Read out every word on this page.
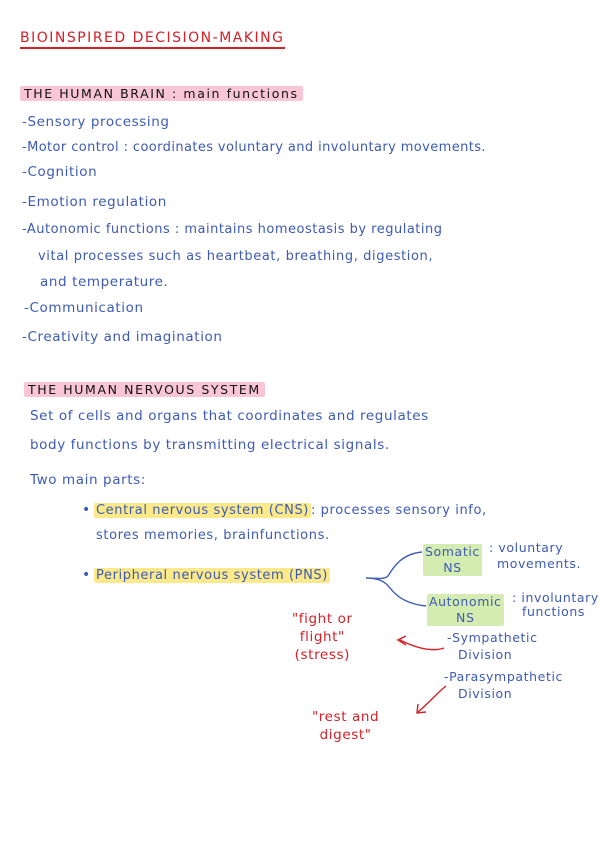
BIOINSPIRED DECISION-MAKING
THE HUMAN BRAIN : main functions
-Sensory processing
-Motor control : coordinates voluntary and involuntary movements.
-Cognition
-Emotion regulation
-Autonomic functions : maintains homeostasis by regulating
vital processes such as heartbeat, breathing, digestion,
and temperature.
-Communication
-Creativity and imagination
THE HUMAN NERVOUS SYSTEM
Set of cells and organs that coordinates and regulates
body functions by transmitting electrical signals.
Two main parts:
• Central nervous system (CNS) : processes sensory info,
stores memories, brainfunctions.
• Peripheral nervous system (PNS)
Somatic
NS
: voluntary
movements.
Autonomic
NS
: involuntary
functions
-Sympathetic
Division
-Parasympathetic
Division
"fight or
flight"
(stress)
"rest and
digest"
